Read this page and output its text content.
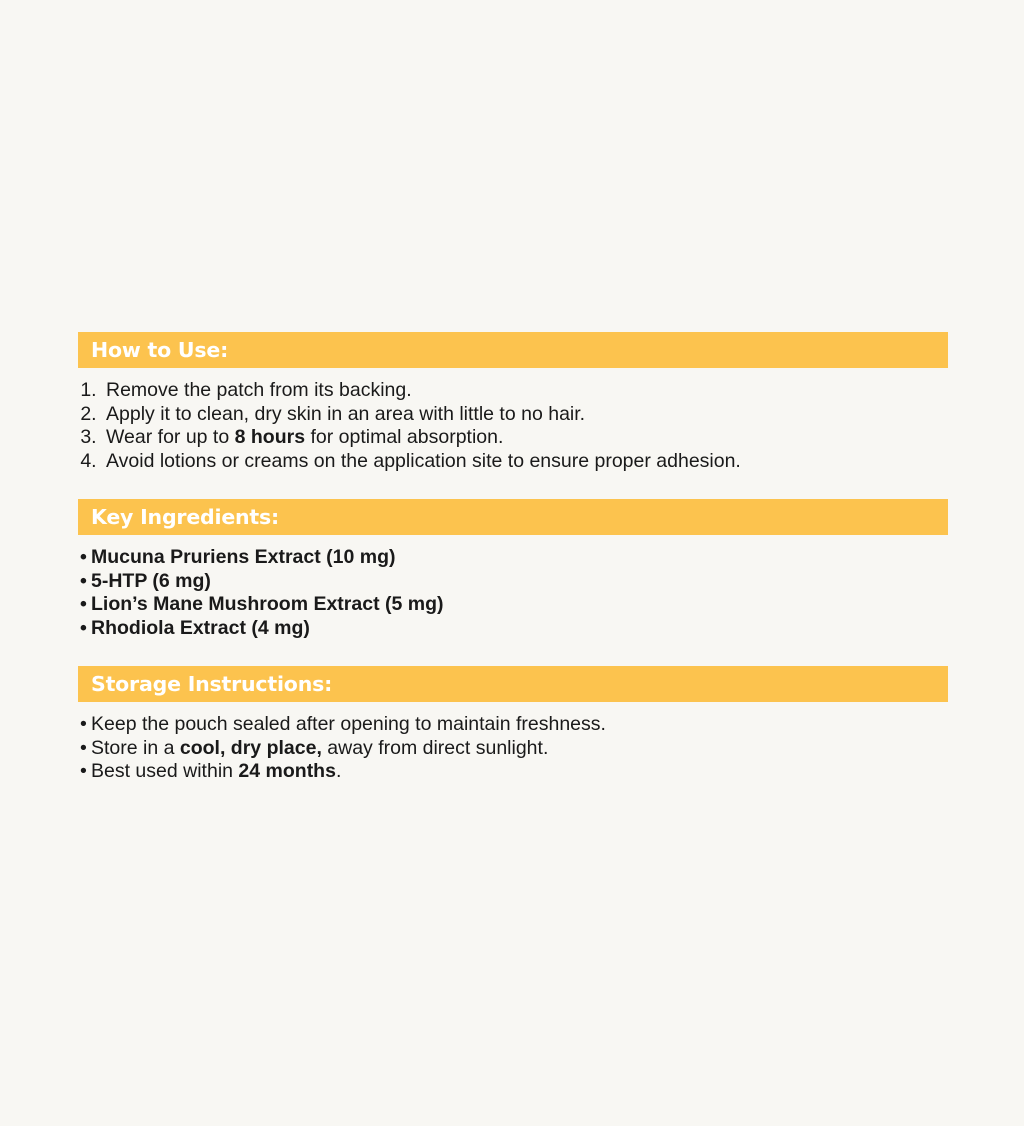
How to Use:
1. Remove the patch from its backing.
2. Apply it to clean, dry skin in an area with little to no hair.
3. Wear for up to 8 hours for optimal absorption.
4. Avoid lotions or creams on the application site to ensure proper adhesion.
Key Ingredients:
• Mucuna Pruriens Extract (10 mg)
• 5-HTP (6 mg)
• Lion’s Mane Mushroom Extract (5 mg)
• Rhodiola Extract (4 mg)
Storage Instructions:
• Keep the pouch sealed after opening to maintain freshness.
• Store in a cool, dry place, away from direct sunlight.
• Best used within 24 months.
